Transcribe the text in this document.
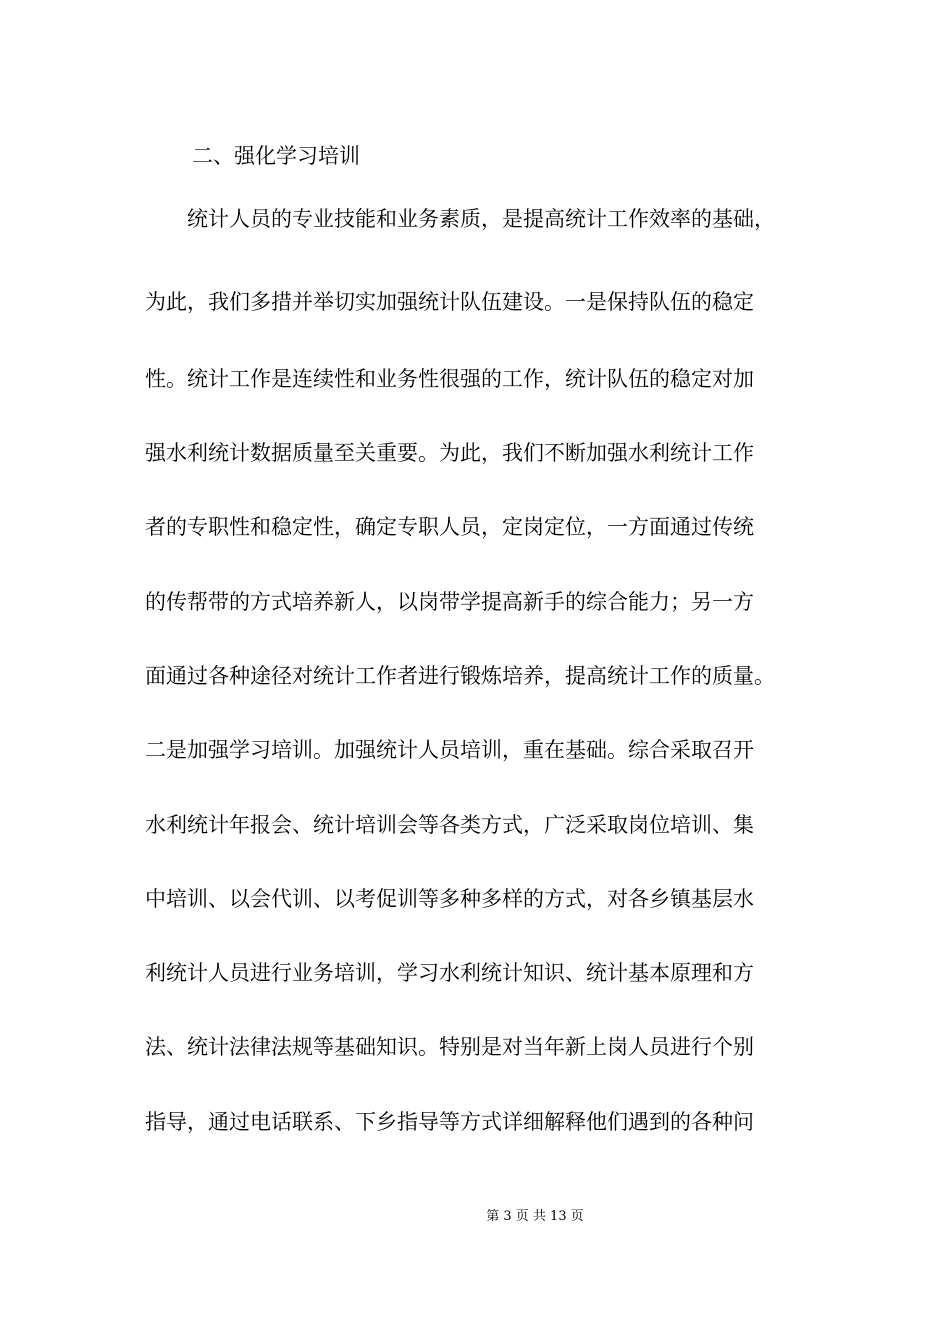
二、强化学习培训
　　统计人员的专业技能和业务素质，是提高统计工作效率的基础，
为此，我们多措并举切实加强统计队伍建设。一是保持队伍的稳定
性。统计工作是连续性和业务性很强的工作，统计队伍的稳定对加
强水利统计数据质量至关重要。为此，我们不断加强水利统计工作
者的专职性和稳定性，确定专职人员，定岗定位，一方面通过传统
的传帮带的方式培养新人，以岗带学提高新手的综合能力；另一方
面通过各种途径对统计工作者进行锻炼培养，提高统计工作的质量。
二是加强学习培训。加强统计人员培训，重在基础。综合采取召开
水利统计年报会、统计培训会等各类方式，广泛采取岗位培训、集
中培训、以会代训、以考促训等多种多样的方式，对各乡镇基层水
利统计人员进行业务培训，学习水利统计知识、统计基本原理和方
法、统计法律法规等基础知识。特别是对当年新上岗人员进行个别
指导，通过电话联系、下乡指导等方式详细解释他们遇到的各种问
第 3 页 共 13 页
